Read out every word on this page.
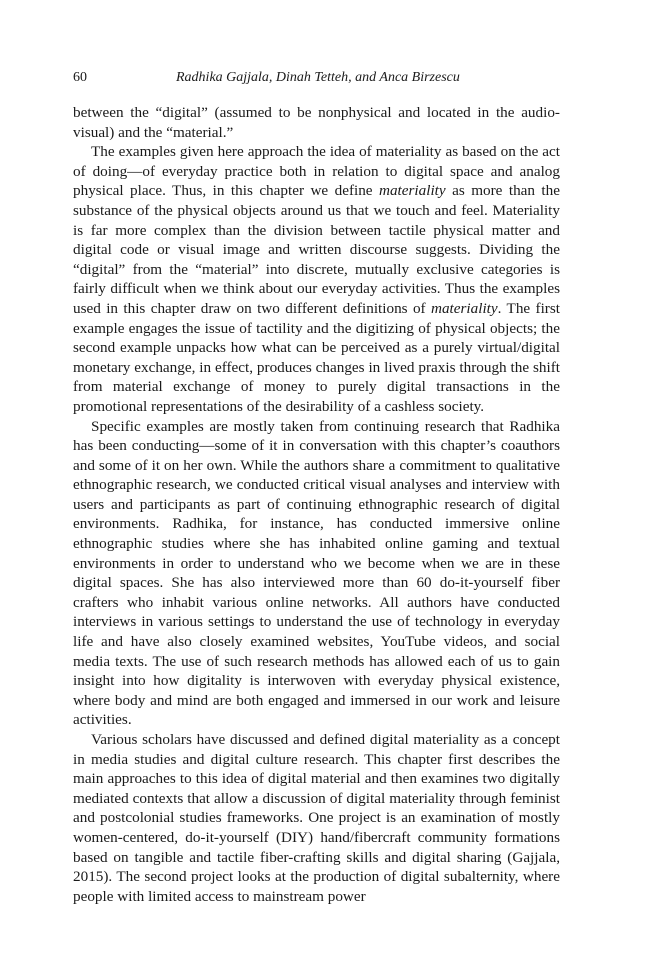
60	Radhika Gajjala, Dinah Tetteh, and Anca Birzescu

between the “digital” (assumed to be nonphysical and located in the audio-visual) and the “material.”

The examples given here approach the idea of materiality as based on the act of doing—of everyday practice both in relation to digital space and analog physical place. Thus, in this chapter we define materiality as more than the substance of the physical objects around us that we touch and feel. Materiality is far more complex than the division between tactile physical matter and digital code or visual image and written discourse suggests. Dividing the “digital” from the “material” into discrete, mutually exclusive categories is fairly difficult when we think about our everyday activities. Thus the examples used in this chapter draw on two different definitions of materiality. The first example engages the issue of tactility and the digitizing of physical objects; the second example unpacks how what can be perceived as a purely virtual/digital monetary exchange, in effect, produces changes in lived praxis through the shift from material exchange of money to purely digital transactions in the promotional representations of the desirability of a cashless society.

Specific examples are mostly taken from continuing research that Radhika has been conducting—some of it in conversation with this chapter’s coauthors and some of it on her own. While the authors share a commitment to qualitative ethnographic research, we conducted critical visual analyses and interview with users and participants as part of continuing ethnographic research of digital environments. Radhika, for instance, has conducted immersive online ethnographic studies where she has inhabited online gaming and textual environments in order to understand who we become when we are in these digital spaces. She has also interviewed more than 60 do-it-yourself fiber crafters who inhabit various online networks. All authors have conducted interviews in various settings to understand the use of technology in everyday life and have also closely examined websites, YouTube videos, and social media texts. The use of such research methods has allowed each of us to gain insight into how digitality is interwoven with everyday physical existence, where body and mind are both engaged and immersed in our work and leisure activities.

Various scholars have discussed and defined digital materiality as a concept in media studies and digital culture research. This chapter first describes the main approaches to this idea of digital material and then examines two digitally mediated contexts that allow a discussion of digital materiality through feminist and postcolonial studies frameworks. One project is an examination of mostly women-centered, do-it-yourself (DIY) hand/fibercraft community formations based on tangible and tactile fiber-crafting skills and digital sharing (Gajjala, 2015). The second project looks at the production of digital subalternity, where people with limited access to mainstream power
